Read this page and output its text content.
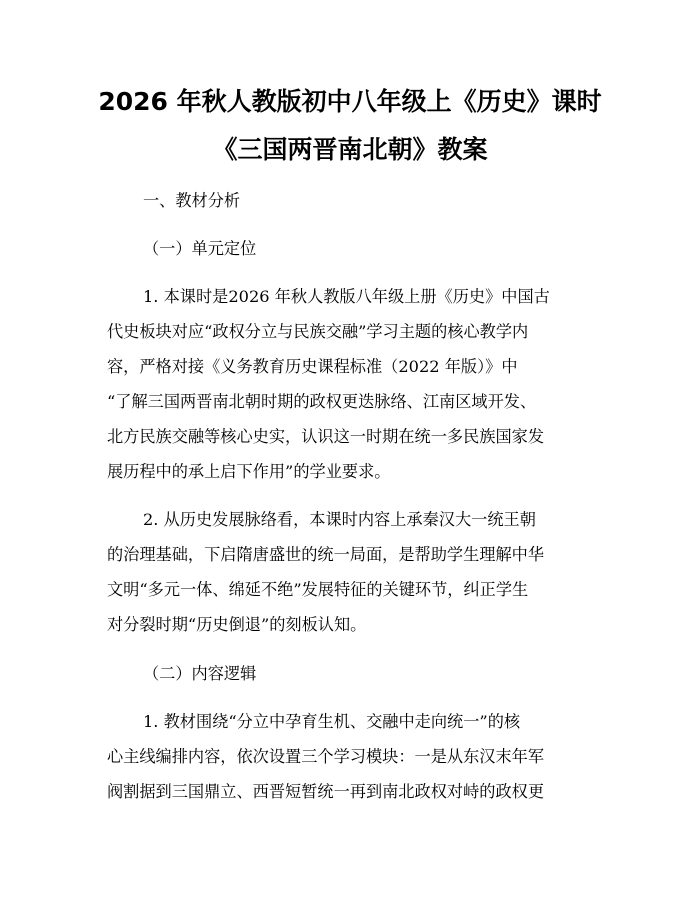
2026 年秋人教版初中八年级上《历史》课时
《三国两晋南北朝》教案
一、教材分析
（一）单元定位
1. 本课时是2026 年秋人教版八年级上册《历史》中国古
代史板块对应“政权分立与民族交融”学习主题的核心教学内
容，严格对接《义务教育历史课程标准（2022 年版）》中
“了解三国两晋南北朝时期的政权更迭脉络、江南区域开发、
北方民族交融等核心史实，认识这一时期在统一多民族国家发
展历程中的承上启下作用”的学业要求。
2. 从历史发展脉络看，本课时内容上承秦汉大一统王朝
的治理基础，下启隋唐盛世的统一局面，是帮助学生理解中华
文明“多元一体、绵延不绝”发展特征的关键环节，纠正学生
对分裂时期“历史倒退”的刻板认知。
（二）内容逻辑
1. 教材围绕“分立中孕育生机、交融中走向统一”的核
心主线编排内容，依次设置三个学习模块：一是从东汉末年军
阀割据到三国鼎立、西晋短暂统一再到南北政权对峙的政权更
